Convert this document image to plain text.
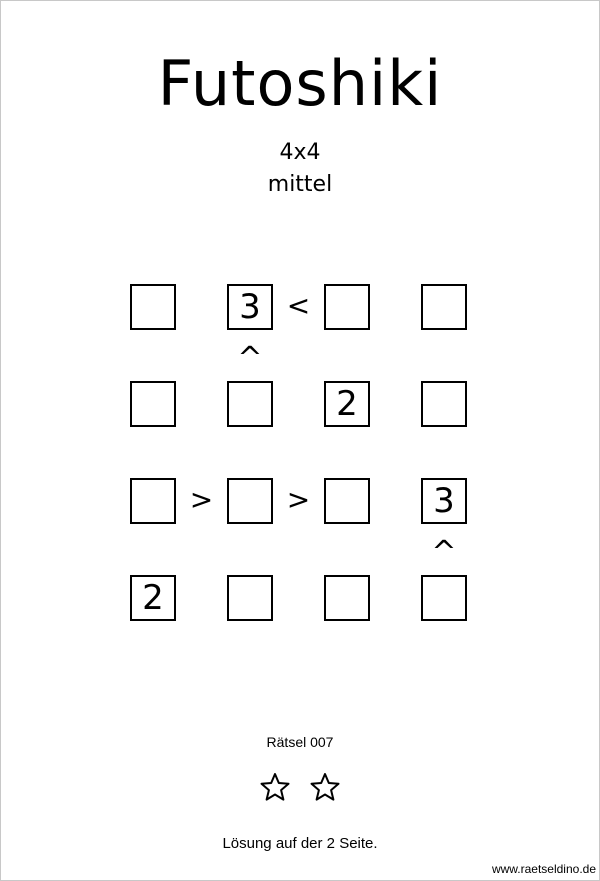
Futoshiki
4x4
mittel
3
2
3
2
<
>	>
^
^
Rätsel 007
Lösung auf der 2 Seite.
www.raetseldino.de
